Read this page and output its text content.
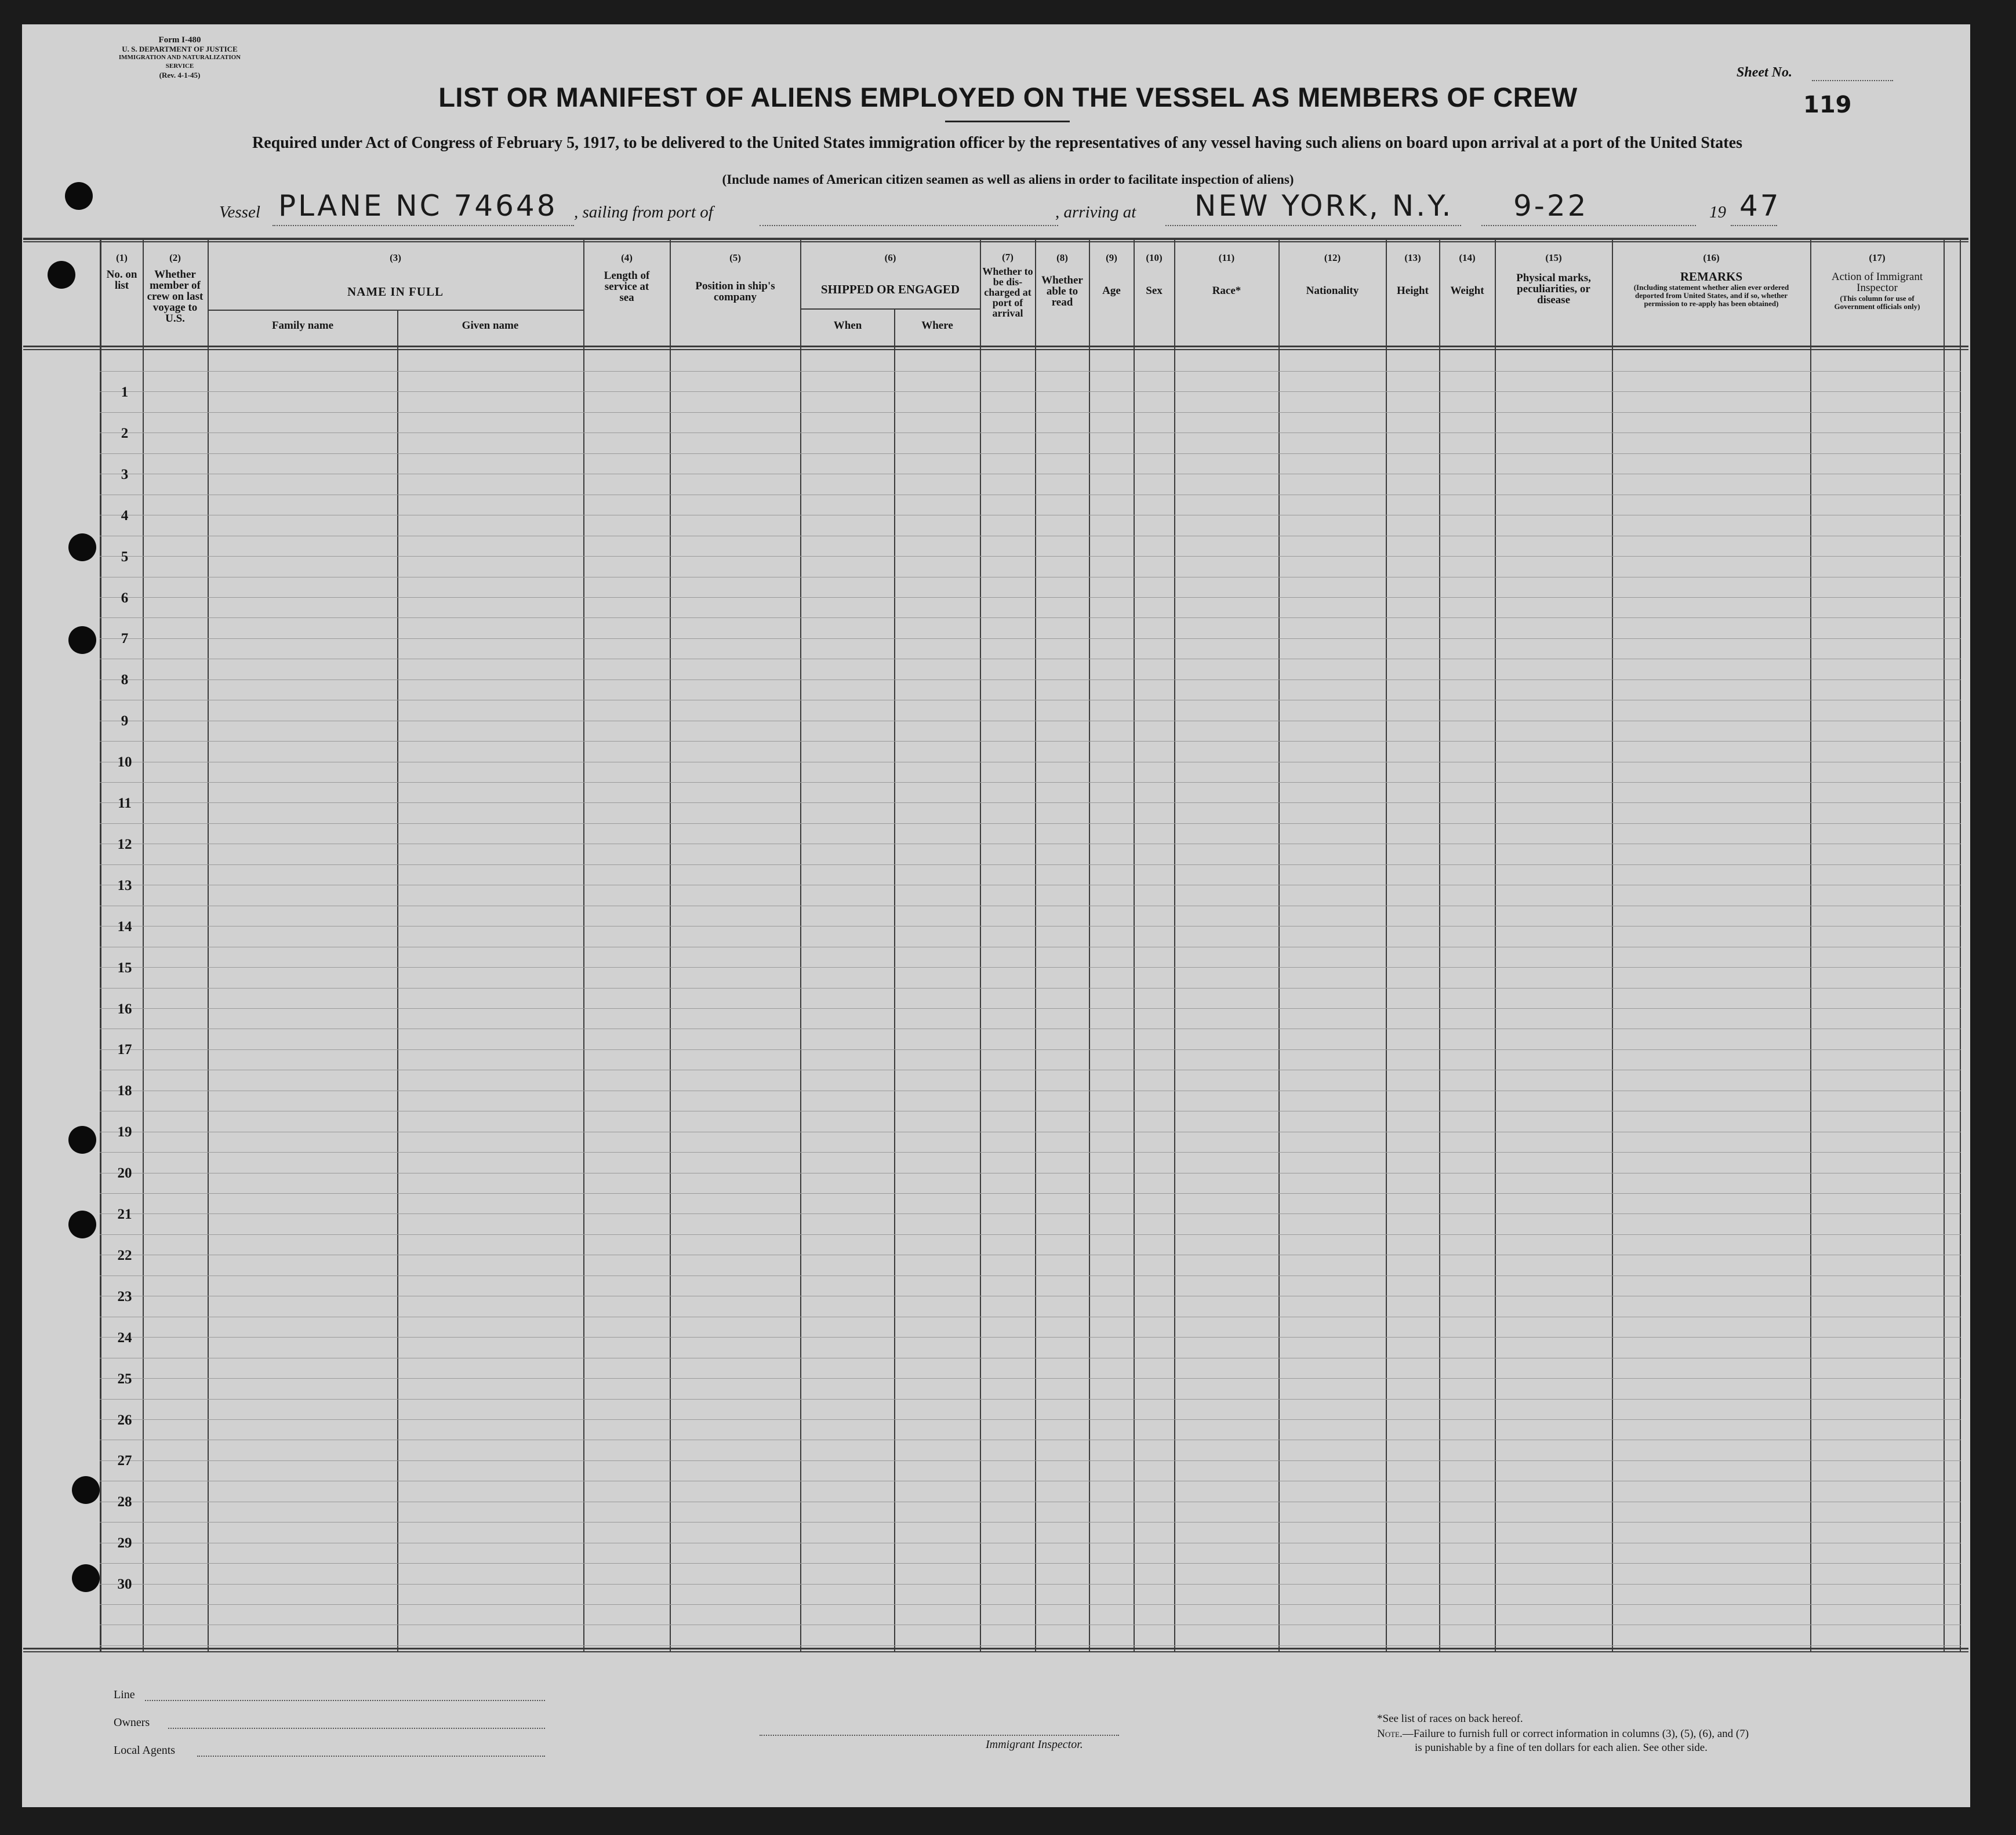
Form I-480
U. S. DEPARTMENT OF JUSTICE
IMMIGRATION AND NATURALIZATION SERVICE
(Rev. 4-1-45)	Sheet No.
119
LIST OR MANIFEST OF ALIENS EMPLOYED ON THE VESSEL AS MEMBERS OF CREW
Required under Act of Congress of February 5, 1917, to be delivered to the United States immigration officer by the representatives of any vessel having such aliens on board upon arrival at a port of the United States
(Include names of American citizen seamen as well as aliens in order to facilitate inspection of aliens)
Vessel PLANE NC 74648 , sailing from port of	, arriving at NEW YORK, N.Y. 9-22	19 47
(1)
No. on list
(2)
Whether member of crew on last voyage to U.S.
(3)
NAME IN FULL
Family name	Given name
(4)
Length of service at sea
(5)
Position in ship's company
(6)
SHIPPED OR ENGAGED
When	Where
(7)
Whether to be dis-charged at port of arrival
(8)
Whether able to read
(9)
Age
(10)
Sex
(11)
Race*
(12)
Nationality
(13)
Height
(14)
Weight
(15)
Physical marks, peculiarities, or disease
(16)
REMARKS
(Including statement whether alien ever ordered deported from United States, and if so, whether permission to re-apply has been obtained)
(17)
Action of Immigrant Inspector
(This column for use of Government officials only)
1
2
3
4
5
6
7
8
9
10
11
12
13
14
15
16
17
18
19
20
21
22
23
24
25
26
27
28
29
30
Line
Owners
Local Agents	Immigrant Inspector.
*See list of races on back hereof.
Note.—Failure to furnish full or correct information in columns (3), (5), (6), and (7)
is punishable by a fine of ten dollars for each alien. See other side.
